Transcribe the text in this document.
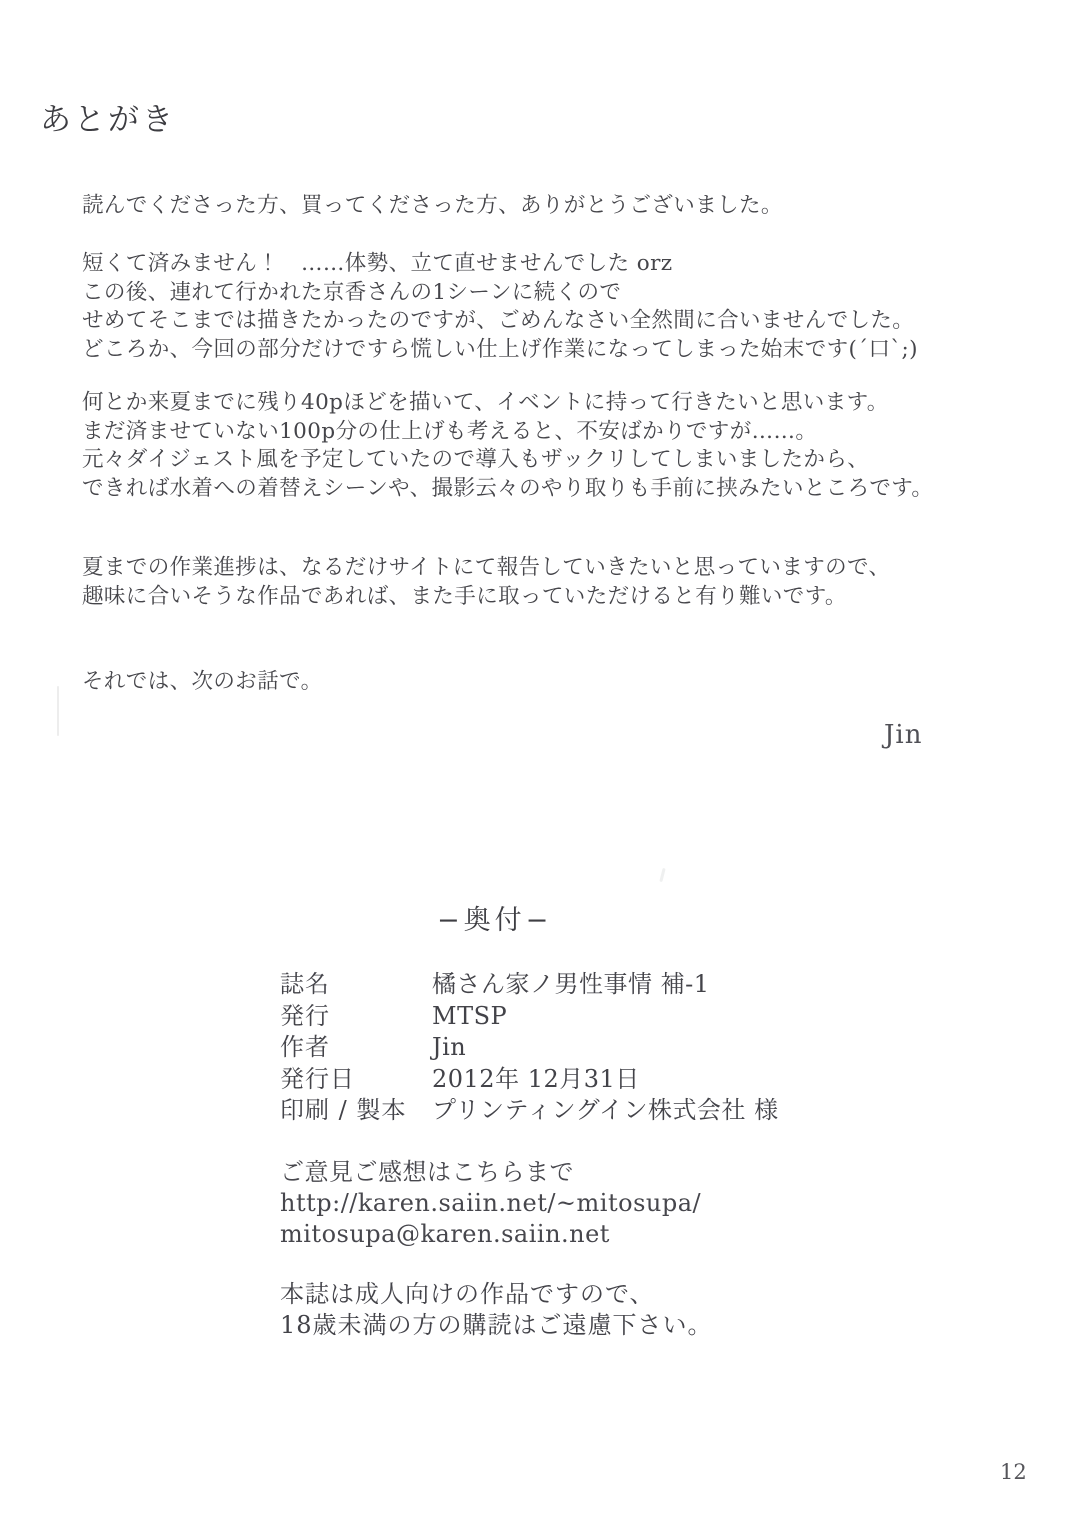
あとがき
読んでくださった方、買ってくださった方、ありがとうございました。
短くて済みません！　……体勢、立て直せませんでした orz
この後、連れて行かれた京香さんの1シーンに続くので
せめてそこまでは描きたかったのですが、ごめんなさい全然間に合いませんでした。
どころか、今回の部分だけですら慌しい仕上げ作業になってしまった始末です(´口`;)
何とか来夏までに残り40pほどを描いて、イベントに持って行きたいと思います。
まだ済ませていない100p分の仕上げも考えると、不安ばかりですが……。
元々ダイジェスト風を予定していたので導入もザックリしてしまいましたから、
できれば水着への着替えシーンや、撮影云々のやり取りも手前に挟みたいところです。
夏までの作業進捗は、なるだけサイトにて報告していきたいと思っていますので、
趣味に合いそうな作品であれば、また手に取っていただけると有り難いです。
それでは、次のお話で。
Jin
−奥付−
誌名	橘さん家ノ男性事情 補-1
発行	MTSP
作者	Jin
発行日	2012年 12月31日
印刷 / 製本	プリンティングイン株式会社 様
ご意見ご感想はこちらまで
http://karen.saiin.net/~mitosupa/
mitosupa@karen.saiin.net
本誌は成人向けの作品ですので、
18歳未満の方の購読はご遠慮下さい。
12
